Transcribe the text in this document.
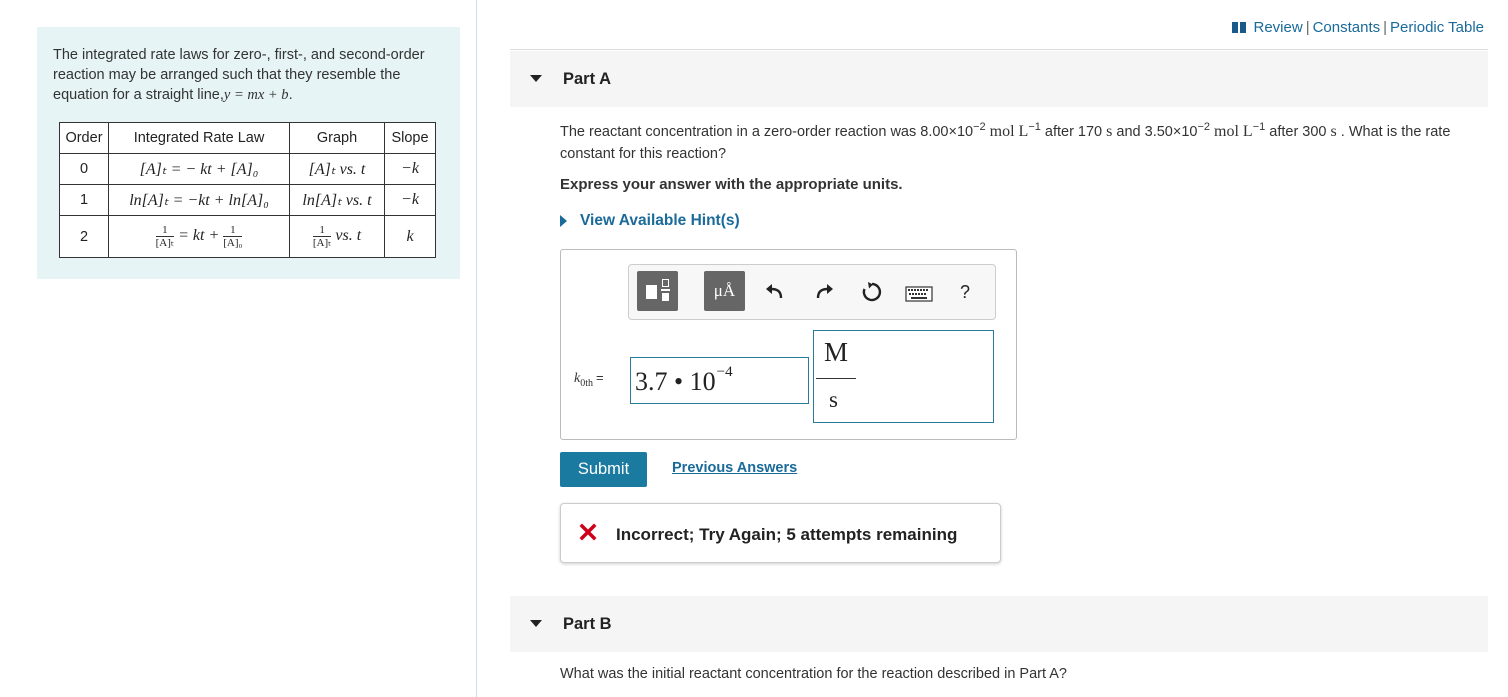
The integrated rate laws for zero-, first-, and second-order reaction may be arranged such that they resemble the equation for a straight line,y = mx + b.

Order	Integrated Rate Law	Graph	Slope
0	[A]ₜ = − kt + [A]₀	[A]ₜ vs. t	−k
1	ln[A]ₜ = −kt + ln[A]₀	ln[A]ₜ vs. t	−k
2	$\frac{1}{\text{[A]ₜ}}$ = kt + $\frac{1}{\text{[A]₀}}$	$\frac{1}{\text{[A]ₜ}}$ vs. t	k
Review | Constants | Periodic Table
Part A
The reactant concentration in a zero-order reaction was $8.00\times 10^{-2}$ mol $L^{-1}$ after 170 s and $3.50\times 10^{-2}$ mol $L^{-1}$ after 300 s . What is the rate constant for this reaction?
Express your answer with the appropriate units.
View Available Hint(s)
μÅ	?
$k_{0th} = 3.7$ • $10^{-4}$
M
s
Submit	Previous Answers
Incorrect; Try Again; 5 attempts remaining
Part B
What was the initial reactant concentration for the reaction described in Part A?
